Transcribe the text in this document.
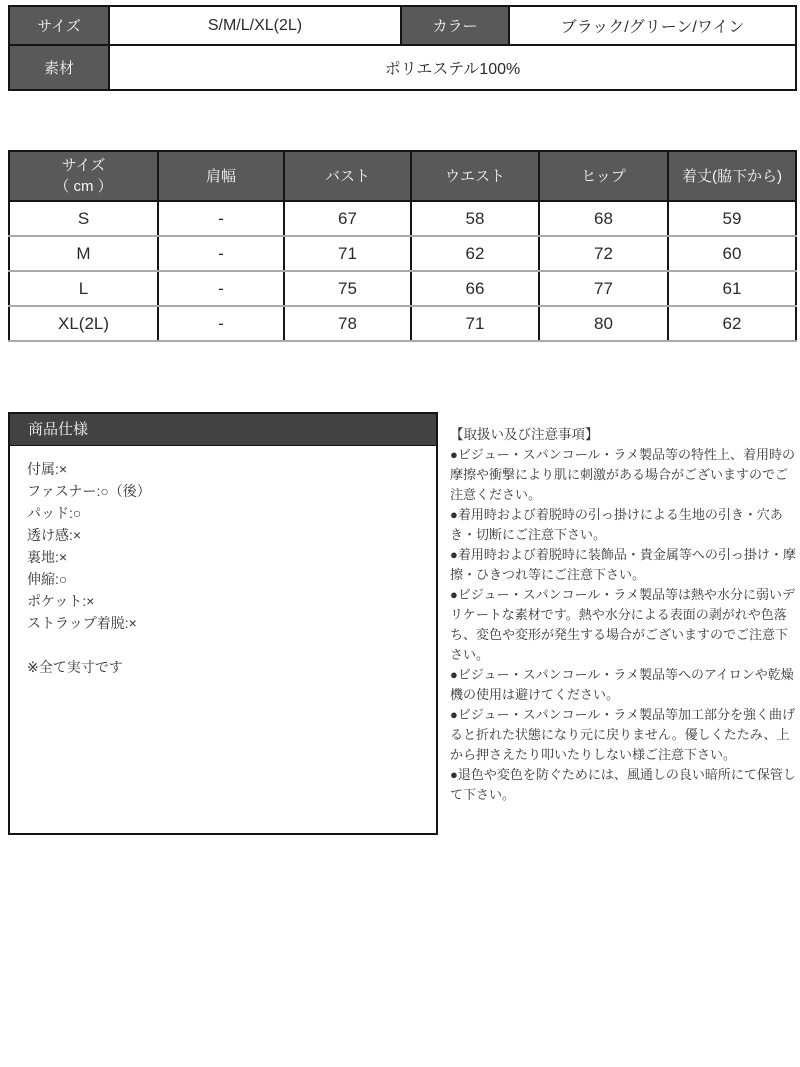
サイズ	S/M/L/XL(2L)	カラー	ブラック/グリーン/ワイン
素材	ポリエステル100%		
サイズ
（ cm ）	肩幅	バスト	ウエスト	ヒップ	着丈(脇下から)
S	-	67	58	68	59
M	-	71	62	72	60
L	-	75	66	77	61
XL(2L)	-	78	71	80	62
商品仕様
付属:×
ファスナー:○（後）
パッド:○
透け感:×
裏地:×
伸縮:○
ポケット:×
ストラップ着脱:×
※全て実寸です
【取扱い及び注意事項】

●ビジュー・スパンコール・ラメ製品等の特性上、着用時の摩擦や衝撃により肌に刺激がある場合がございますのでご注意ください。

●着用時および着脱時の引っ掛けによる生地の引き・穴あき・切断にご注意下さい。

●着用時および着脱時に装飾品・貴金属等への引っ掛け・摩擦・ひきつれ等にご注意下さい。

●ビジュー・スパンコール・ラメ製品等は熱や水分に弱いデリケートな素材です。熱や水分による表面の剥がれや色落ち、変色や変形が発生する場合がございますのでご注意下さい。

●ビジュー・スパンコール・ラメ製品等へのアイロンや乾燥機の使用は避けてください。

●ビジュー・スパンコール・ラメ製品等加工部分を強く曲げると折れた状態になり元に戻りません。優しくたたみ、上から押さえたり叩いたりしない様ご注意下さい。

●退色や変色を防ぐためには、風通しの良い暗所にて保管して下さい。
